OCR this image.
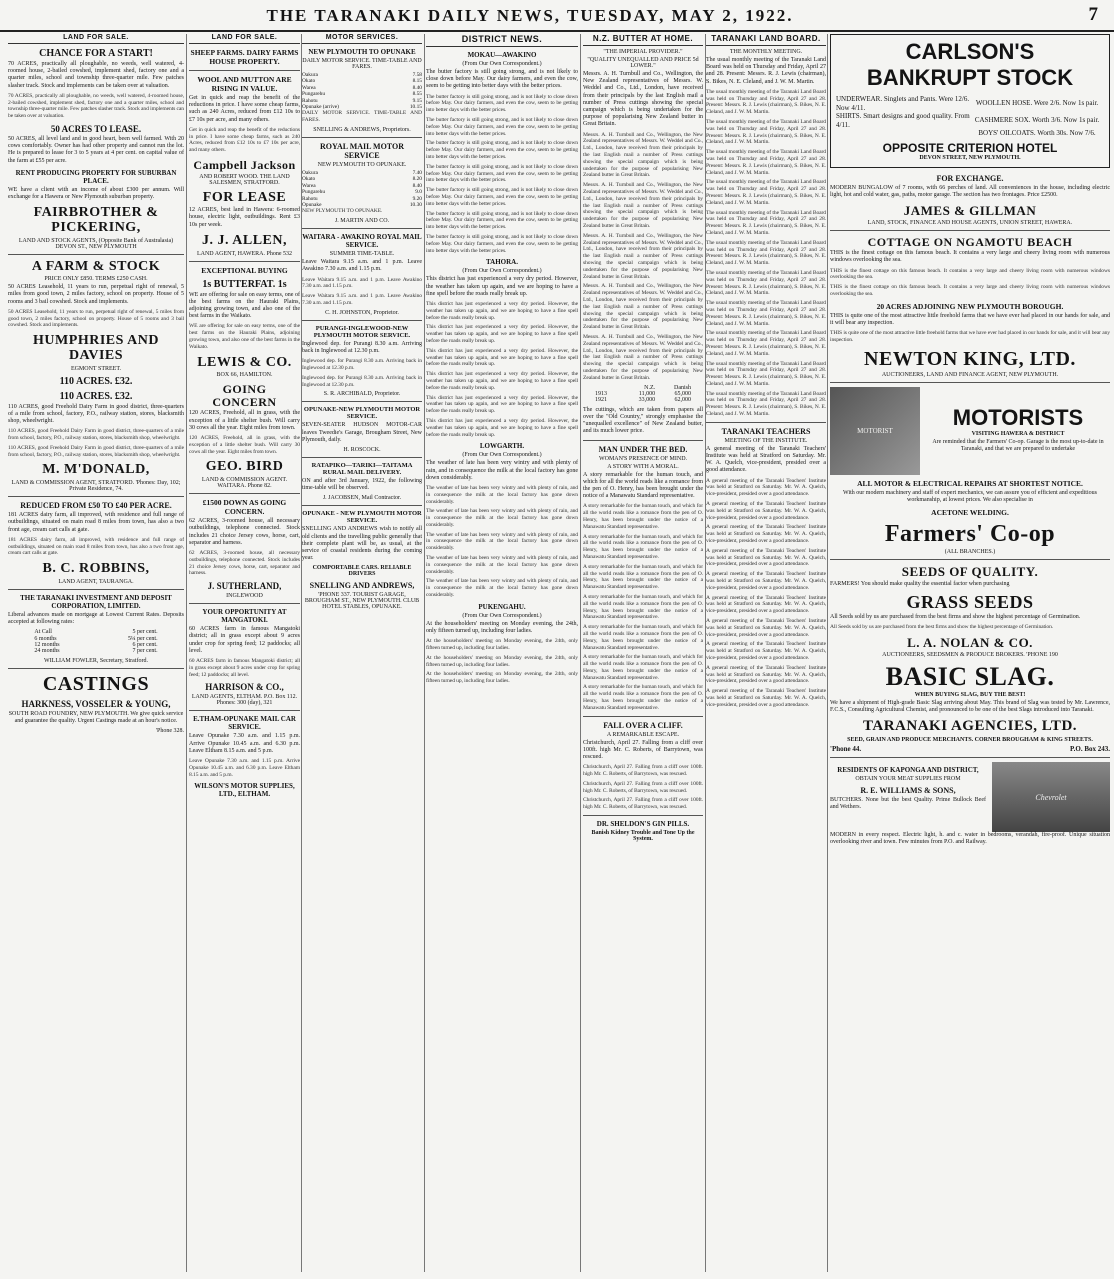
THE TARANAKI DAILY NEWS, TUESDAY, MAY 2, 1922.	7
LAND FOR SALE.
CHANCE FOR A START!

70 ACRES, practically all ploughable, no weeds, well watered, 4-roomed house, 2-bailed cowshed, implement shed, factory one and a quarter miles, school and township three-quarter mile. Few patches slasher track. Stock and implements can be taken over at valuation.

70 ACRES, practically all ploughable, no weeds, well watered, 4-roomed house, 2-bailed cowshed, implement shed, factory one and a quarter miles, school and township three-quarter mile. Few patches slasher track. Stock and implements can be taken over at valuation.

50 ACRES TO LEASE.

50 ACRES, all level land and in good heart, been well farmed. With 20 cows comfortably. Owner has had other property and cannot run the lot. He is prepared to lease for 3 to 5 years at 4 per cent. on capital value of the farm at £55 per acre.

RENT PRODUCING PROPERTY FOR SUBURBAN PLACE.

WE have a client with an income of about £300 per annum. Will exchange for a Hawera or New Plymouth suburban property.

FAIRBROTHER & PICKERING,
LAND AND STOCK AGENTS, (Opposite Bank of Australasia) DEVON ST., NEW PLYMOUTH
A FARM & STOCK
PRICE ONLY £850. TERMS £250 CASH.

50 ACRES Leasehold, 11 years to run, perpetual right of renewal, 5 miles from good town, 2 miles factory, school on property. House of 5 rooms and 3 bail cowshed. Stock and implements.

50 ACRES Leasehold, 11 years to run, perpetual right of renewal, 5 miles from good town, 2 miles factory, school on property. House of 5 rooms and 3 bail cowshed. Stock and implements.

HUMPHRIES AND DAVIES
EGMONT STREET.
110 ACRES. £32.
110 ACRES. £32.

110 ACRES, good Freehold Dairy Farm in good district, three-quarters of a mile from school, factory, P.O., railway station, stores, blacksmith shop, wheelwright.

110 ACRES, good Freehold Dairy Farm in good district, three-quarters of a mile from school, factory, P.O., railway station, stores, blacksmith shop, wheelwright.

110 ACRES, good Freehold Dairy Farm in good district, three-quarters of a mile from school, factory, P.O., railway station, stores, blacksmith shop, wheelwright.

M. M'DONALD,
LAND & COMMISSION AGENT, STRATFORD. 'Phones: Day, 102; Private Residence, 74.
REDUCED FROM £50 TO £40 PER ACRE.

181 ACRES dairy farm, all improved, with residence and full range of outbuildings, situated on main road 8 miles from town, has also a two front age, cream cart calls at gate.

181 ACRES dairy farm, all improved, with residence and full range of outbuildings, situated on main road 8 miles from town, has also a two front age, cream cart calls at gate.

B. C. ROBBINS,
LAND AGENT, TAURANGA.
THE TARANAKI INVESTMENT AND DEPOSIT CORPORATION, LIMITED.

Liberal advances made on mortgage at Lowest Current Rates. Deposits accepted at following rates:

At Call	5 per cent.
6 months	5¼ per cent.
12 months	6 per cent.
24 months	7 per cent.
WILLIAM FOWLER, Secretary, Stratford.
CASTINGS
HARKNESS, VOSSELER & YOUNG,

SOUTH ROAD FOUNDRY, NEW PLYMOUTH. We give quick service and guarantee the quality. Urgent Castings made at an hour's notice.

'Phone 328.
LAND FOR SALE.
SHEEP FARMS. DAIRY FARMS HOUSE PROPERTY.
WOOL AND MUTTON ARE RISING IN VALUE.

Get in quick and reap the benefit of the reductions in price. I have some cheap farms, such as 240 Acres, reduced from £12 10s to £7 10s per acre, and many others.

Get in quick and reap the benefit of the reductions in price. I have some cheap farms, such as 240 Acres, reduced from £12 10s to £7 10s per acre, and many others.

Campbell Jackson
AND ROBERT WOOD. THE LAND SALESMEN, STRATFORD.
FOR LEASE

12 ACRES, best land in Hawera: 6-roomed house, electric light, outbuildings. Rent £3 10s per week.

J. J. ALLEN,
LAND AGENT, HAWERA. Phone 532
EXCEPTIONAL BUYING
1s BUTTERFAT. 1s

WE are offering for sale on easy terms, one of the best farms on the Hauraki Plains, adjoining growing town, and also one of the best farms in the Waikato.

WE are offering for sale on easy terms, one of the best farms on the Hauraki Plains, adjoining growing town, and also one of the best farms in the Waikato.

LEWIS & CO.
BOX 66, HAMILTON.
GOING CONCERN

120 ACRES, Freehold, all in grass, with the exception of a little shelter bush. Will carry 30 cows all the year. Eight miles from town.

120 ACRES, Freehold, all in grass, with the exception of a little shelter bush. Will carry 30 cows all the year. Eight miles from town.

GEO. BIRD
LAND & COMMISSION AGENT. WAITARA. Phone 82.
£1500 DOWN AS GOING CONCERN.

62 ACRES, 3-roomed house, all necessary outbuildings, telephone connected. Stock includes 21 choice Jersey cows, horse, cart, separator and harness.

62 ACRES, 3-roomed house, all necessary outbuildings, telephone connected. Stock includes 21 choice Jersey cows, horse, cart, separator and harness.

J. SUTHERLAND,
INGLEWOOD
YOUR OPPORTUNITY AT MANGATOKI.

60 ACRES farm in famous Mangatoki district; all in grass except about 9 acres under crop for spring feed; 12 paddocks; all level.

60 ACRES farm in famous Mangatoki district; all in grass except about 9 acres under crop for spring feed; 12 paddocks; all level.

HARRISON & CO.,
LAND AGENTS, ELTHAM. P.O. Box 112. Phones: 300 (day), 321
E.THAM-OPUNAKE MAIL CAR SERVICE.

Leave Opunake 7.30 a.m. and 1.15 p.m. Arrive Opunake 10.45 a.m. and 6.30 p.m. Leave Eltham 8.15 a.m. and 5 p.m.

Leave Opunake 7.30 a.m. and 1.15 p.m. Arrive Opunake 10.45 a.m. and 6.30 p.m. Leave Eltham 8.15 a.m. and 5 p.m.

WILSON'S MOTOR SUPPLIES, LTD., ELTHAM.
MOTOR SERVICES.
NEW PLYMOUTH TO OPUNAKE
DAILY MOTOR SERVICE. TIME-TABLE AND FARES.
Oakura	7.58
Okato	8.15
Warea	8.40
Pungarehu	8.55
Rahotu	9.15
Opunake (arrive)	10.15

DAILY MOTOR SERVICE. TIME-TABLE AND FARES.

SNELLING & ANDREWS, Proprietors.
ROYAL MAIL MOTOR SERVICE
NEW PLYMOUTH TO OPUNAKE.
Oakura	7.40
Okato	8.20
Warea	8.40
Pungarehu	9.0
Rahotu	9.20
Opunake	10.30

NEW PLYMOUTH TO OPUNAKE.

J. MARTIN AND CO.
WAITARA - AWAKINO ROYAL MAIL SERVICE.
SUMMER TIME-TABLE.

Leave Waitara 9.15 a.m. and 1 p.m. Leave Awakino 7.30 a.m. and 1.15 p.m.

Leave Waitara 9.15 a.m. and 1 p.m. Leave Awakino 7.30 a.m. and 1.15 p.m.

Leave Waitara 9.15 a.m. and 1 p.m. Leave Awakino 7.30 a.m. and 1.15 p.m.

C. H. JOHNSTON, Proprietor.
PURANGI-INGLEWOOD-NEW PLYMOUTH MOTOR SERVICE.

Inglewood dep. for Purangi 8.30 a.m. Arriving back in Inglewood at 12.30 p.m.

Inglewood dep. for Purangi 8.30 a.m. Arriving back in Inglewood at 12.30 p.m.

Inglewood dep. for Purangi 8.30 a.m. Arriving back in Inglewood at 12.30 p.m.

S. R. ARCHIBALD, Proprietor.
OPUNAKE-NEW PLYMOUTH MOTOR SERVICE.

SEVEN-SEATER HUDSON MOTOR-CAR leaves Tweedie's Garage, Brougham Street, New Plymouth, daily.

H. ROSCOCK.
RATAPIKO—TARIKI—TAITAMA RURAL MAIL DELIVERY.

ON and after 3rd January, 1922, the following time-table will be observed.

J. JACOBSEN, Mail Contractor.
OPUNAKE - NEW PLYMOUTH MOTOR SERVICE.

SNELLING AND ANDREWS wish to notify all old clients and the travelling public generally that their complete plant will be, as usual, at the service of coastal residents during the coming year.

COMPORTABLE CARS. RELIABLE DRIVERS
SNELLING AND ANDREWS,
'PHONE 337. TOURIST GARAGE, BROUGHAM ST., NEW PLYMOUTH. CLUB HOTEL STABLES, OPUNAKE.
DISTRICT NEWS.
MOKAU—AWAKINO
(From Our Own Correspondent.)

The butter factory is still going strong, and is not likely to close down before May. Our dairy farmers, and even the cow, seem to be getting into better days with the better prices.

The butter factory is still going strong, and is not likely to close down before May. Our dairy farmers, and even the cow, seem to be getting into better days with the better prices.

The butter factory is still going strong, and is not likely to close down before May. Our dairy farmers, and even the cow, seem to be getting into better days with the better prices.

The butter factory is still going strong, and is not likely to close down before May. Our dairy farmers, and even the cow, seem to be getting into better days with the better prices.

The butter factory is still going strong, and is not likely to close down before May. Our dairy farmers, and even the cow, seem to be getting into better days with the better prices.

The butter factory is still going strong, and is not likely to close down before May. Our dairy farmers, and even the cow, seem to be getting into better days with the better prices.

The butter factory is still going strong, and is not likely to close down before May. Our dairy farmers, and even the cow, seem to be getting into better days with the better prices.

The butter factory is still going strong, and is not likely to close down before May. Our dairy farmers, and even the cow, seem to be getting into better days with the better prices.

TAHORA.
(From Our Own Correspondent.)

This district has just experienced a very dry period. However, the weather has taken up again, and we are hoping to have a fine spell before the roads really break up.

This district has just experienced a very dry period. However, the weather has taken up again, and we are hoping to have a fine spell before the roads really break up.

This district has just experienced a very dry period. However, the weather has taken up again, and we are hoping to have a fine spell before the roads really break up.

This district has just experienced a very dry period. However, the weather has taken up again, and we are hoping to have a fine spell before the roads really break up.

This district has just experienced a very dry period. However, the weather has taken up again, and we are hoping to have a fine spell before the roads really break up.

This district has just experienced a very dry period. However, the weather has taken up again, and we are hoping to have a fine spell before the roads really break up.

This district has just experienced a very dry period. However, the weather has taken up again, and we are hoping to have a fine spell before the roads really break up.

LOWGARTH.
(From Our Own Correspondent.)

The weather of late has been very wintry and with plenty of rain, and in consequence the milk at the local factory has gone down considerably.

The weather of late has been very wintry and with plenty of rain, and in consequence the milk at the local factory has gone down considerably.

The weather of late has been very wintry and with plenty of rain, and in consequence the milk at the local factory has gone down considerably.

The weather of late has been very wintry and with plenty of rain, and in consequence the milk at the local factory has gone down considerably.

The weather of late has been very wintry and with plenty of rain, and in consequence the milk at the local factory has gone down considerably.

The weather of late has been very wintry and with plenty of rain, and in consequence the milk at the local factory has gone down considerably.

PUKENGAHU.
(From Our Own Correspondent.)

At the householders' meeting on Monday evening, the 24th, only fifteen turned up, including four ladies.

At the householders' meeting on Monday evening, the 24th, only fifteen turned up, including four ladies.

At the householders' meeting on Monday evening, the 24th, only fifteen turned up, including four ladies.

At the householders' meeting on Monday evening, the 24th, only fifteen turned up, including four ladies.

N.Z. BUTTER AT HOME.
"THE IMPERIAL PROVIDER."
"QUALITY UNEQUALLED AND PRICE 5d LOWER."

Messrs. A. H. Turnbull and Co., Wellington, the New Zealand representatives of Messrs. W. Weddel and Co., Ltd., London, have received from their principals by the last English mail a number of Press cuttings showing the special campaign which is being undertaken for the purpose of popularising New Zealand butter in Great Britain.

Messrs. A. H. Turnbull and Co., Wellington, the New Zealand representatives of Messrs. W. Weddel and Co., Ltd., London, have received from their principals by the last English mail a number of Press cuttings showing the special campaign which is being undertaken for the purpose of popularising New Zealand butter in Great Britain.

Messrs. A. H. Turnbull and Co., Wellington, the New Zealand representatives of Messrs. W. Weddel and Co., Ltd., London, have received from their principals by the last English mail a number of Press cuttings showing the special campaign which is being undertaken for the purpose of popularising New Zealand butter in Great Britain.

Messrs. A. H. Turnbull and Co., Wellington, the New Zealand representatives of Messrs. W. Weddel and Co., Ltd., London, have received from their principals by the last English mail a number of Press cuttings showing the special campaign which is being undertaken for the purpose of popularising New Zealand butter in Great Britain.

Messrs. A. H. Turnbull and Co., Wellington, the New Zealand representatives of Messrs. W. Weddel and Co., Ltd., London, have received from their principals by the last English mail a number of Press cuttings showing the special campaign which is being undertaken for the purpose of popularising New Zealand butter in Great Britain.

Messrs. A. H. Turnbull and Co., Wellington, the New Zealand representatives of Messrs. W. Weddel and Co., Ltd., London, have received from their principals by the last English mail a number of Press cuttings showing the special campaign which is being undertaken for the purpose of popularising New Zealand butter in Great Britain.

	N.Z.	Danish
1913	11,000	65,000
1921	33,000	62,000

The cuttings, which are taken from papers all over the "Old Country," strongly emphasise the "unequalled excellence" of New Zealand butter, and its much lower price.

MAN UNDER THE BED.
WOMAN'S PRESENCE OF MIND.
A STORY WITH A MORAL.

A story remarkable for the human touch, and which for all the world reads like a romance from the pen of O. Henry, has been brought under the notice of a Manawatu Standard representative.

A story remarkable for the human touch, and which for all the world reads like a romance from the pen of O. Henry, has been brought under the notice of a Manawatu Standard representative.

A story remarkable for the human touch, and which for all the world reads like a romance from the pen of O. Henry, has been brought under the notice of a Manawatu Standard representative.

A story remarkable for the human touch, and which for all the world reads like a romance from the pen of O. Henry, has been brought under the notice of a Manawatu Standard representative.

A story remarkable for the human touch, and which for all the world reads like a romance from the pen of O. Henry, has been brought under the notice of a Manawatu Standard representative.

A story remarkable for the human touch, and which for all the world reads like a romance from the pen of O. Henry, has been brought under the notice of a Manawatu Standard representative.

A story remarkable for the human touch, and which for all the world reads like a romance from the pen of O. Henry, has been brought under the notice of a Manawatu Standard representative.

A story remarkable for the human touch, and which for all the world reads like a romance from the pen of O. Henry, has been brought under the notice of a Manawatu Standard representative.

FALL OVER A CLIFF.
A REMARKABLE ESCAPE.

Christchurch, April 27. Falling from a cliff over 100ft. high Mr. C. Roberts, of Barrytown, was rescued.

Christchurch, April 27. Falling from a cliff over 100ft. high Mr. C. Roberts, of Barrytown, was rescued.

Christchurch, April 27. Falling from a cliff over 100ft. high Mr. C. Roberts, of Barrytown, was rescued.

Christchurch, April 27. Falling from a cliff over 100ft. high Mr. C. Roberts, of Barrytown, was rescued.

DR. SHELDON'S GIN PILLS.
Banish Kidney Trouble and Tone Up the System.
TARANAKI LAND BOARD.
THE MONTHLY MEETING.

The usual monthly meeting of the Taranaki Land Board was held on Thursday and Friday, April 27 and 28. Present: Messrs. R. J. Lewis (chairman), S. Bikes, N. E. Cleland, and J. W. M. Martin.

The usual monthly meeting of the Taranaki Land Board was held on Thursday and Friday, April 27 and 28. Present: Messrs. R. J. Lewis (chairman), S. Bikes, N. E. Cleland, and J. W. M. Martin.

The usual monthly meeting of the Taranaki Land Board was held on Thursday and Friday, April 27 and 28. Present: Messrs. R. J. Lewis (chairman), S. Bikes, N. E. Cleland, and J. W. M. Martin.

The usual monthly meeting of the Taranaki Land Board was held on Thursday and Friday, April 27 and 28. Present: Messrs. R. J. Lewis (chairman), S. Bikes, N. E. Cleland, and J. W. M. Martin.

The usual monthly meeting of the Taranaki Land Board was held on Thursday and Friday, April 27 and 28. Present: Messrs. R. J. Lewis (chairman), S. Bikes, N. E. Cleland, and J. W. M. Martin.

The usual monthly meeting of the Taranaki Land Board was held on Thursday and Friday, April 27 and 28. Present: Messrs. R. J. Lewis (chairman), S. Bikes, N. E. Cleland, and J. W. M. Martin.

The usual monthly meeting of the Taranaki Land Board was held on Thursday and Friday, April 27 and 28. Present: Messrs. R. J. Lewis (chairman), S. Bikes, N. E. Cleland, and J. W. M. Martin.

The usual monthly meeting of the Taranaki Land Board was held on Thursday and Friday, April 27 and 28. Present: Messrs. R. J. Lewis (chairman), S. Bikes, N. E. Cleland, and J. W. M. Martin.

The usual monthly meeting of the Taranaki Land Board was held on Thursday and Friday, April 27 and 28. Present: Messrs. R. J. Lewis (chairman), S. Bikes, N. E. Cleland, and J. W. M. Martin.

The usual monthly meeting of the Taranaki Land Board was held on Thursday and Friday, April 27 and 28. Present: Messrs. R. J. Lewis (chairman), S. Bikes, N. E. Cleland, and J. W. M. Martin.

The usual monthly meeting of the Taranaki Land Board was held on Thursday and Friday, April 27 and 28. Present: Messrs. R. J. Lewis (chairman), S. Bikes, N. E. Cleland, and J. W. M. Martin.

The usual monthly meeting of the Taranaki Land Board was held on Thursday and Friday, April 27 and 28. Present: Messrs. R. J. Lewis (chairman), S. Bikes, N. E. Cleland, and J. W. M. Martin.

TARANAKI TEACHERS
MEETING OF THE INSTITUTE.

A general meeting of the Taranaki Teachers' Institute was held at Stratford on Saturday. Mr. W. A. Quelch, vice-president, presided over a good attendance.

A general meeting of the Taranaki Teachers' Institute was held at Stratford on Saturday. Mr. W. A. Quelch, vice-president, presided over a good attendance.

A general meeting of the Taranaki Teachers' Institute was held at Stratford on Saturday. Mr. W. A. Quelch, vice-president, presided over a good attendance.

A general meeting of the Taranaki Teachers' Institute was held at Stratford on Saturday. Mr. W. A. Quelch, vice-president, presided over a good attendance.

A general meeting of the Taranaki Teachers' Institute was held at Stratford on Saturday. Mr. W. A. Quelch, vice-president, presided over a good attendance.

A general meeting of the Taranaki Teachers' Institute was held at Stratford on Saturday. Mr. W. A. Quelch, vice-president, presided over a good attendance.

A general meeting of the Taranaki Teachers' Institute was held at Stratford on Saturday. Mr. W. A. Quelch, vice-president, presided over a good attendance.

A general meeting of the Taranaki Teachers' Institute was held at Stratford on Saturday. Mr. W. A. Quelch, vice-president, presided over a good attendance.

A general meeting of the Taranaki Teachers' Institute was held at Stratford on Saturday. Mr. W. A. Quelch, vice-president, presided over a good attendance.

A general meeting of the Taranaki Teachers' Institute was held at Stratford on Saturday. Mr. W. A. Quelch, vice-president, presided over a good attendance.

A general meeting of the Taranaki Teachers' Institute was held at Stratford on Saturday. Mr. W. A. Quelch, vice-president, presided over a good attendance.

CARLSON'S
BANKRUPT STOCK
UNDERWEAR. Singlets and Pants. Were 12/6. Now 4/11.	WOOLLEN HOSE. Were 2/6. Now 1s pair.
SHIRTS. Smart designs and good quality. From 4/11.	CASHMERE SOX. Worth 3/6. Now 1s pair.
	BOYS' OILCOATS. Worth 30s. Now 7/6.
OPPOSITE CRITERION HOTEL
DEVON STREET, NEW PLYMOUTH.
FOR EXCHANGE.

MODERN BUNGALOW of 7 rooms, with 66 perches of land. All conveniences in the house, including electric light, hot and cold water, gas, paths, motor garage. The section has two frontages. Price £2500.

JAMES & GILLMAN
LAND, STOCK, FINANCE AND HOUSE AGENTS, UNION STREET, HAWERA.
COTTAGE ON NGAMOTU BEACH

THIS is the finest cottage on this famous beach. It contains a very large and cheery living room with numerous windows overlooking the sea.

THIS is the finest cottage on this famous beach. It contains a very large and cheery living room with numerous windows overlooking the sea.

THIS is the finest cottage on this famous beach. It contains a very large and cheery living room with numerous windows overlooking the sea.

20 ACRES ADJOINING NEW PLYMOUTH BOROUGH.

THIS is quite one of the most attractive little freehold farms that we have ever had placed in our hands for sale, and it will bear any inspection.

THIS is quite one of the most attractive little freehold farms that we have ever had placed in our hands for sale, and it will bear any inspection.

NEWTON KING, LTD.
AUCTIONEERS, LAND AND FINANCE AGENT, NEW PLYMOUTH.
MOTORIST
MOTORISTS
VISITING HAWERA & DISTRICT

Are reminded that the Farmers' Co-op. Garage is the most up-to-date in Taranaki, and that we are prepared to undertake

ALL MOTOR & ELECTRICAL REPAIRS AT SHORTEST NOTICE.

With our modern machinery and staff of expert mechanics, we can assure you of efficient and expeditious workmanship, at lowest prices. We also specialise in

ACETONE WELDING.
Farmers' Co-op
(ALL BRANCHES.)
SEEDS OF QUALITY.

FARMERS! You should make quality the essential factor when purchasing

GRASS SEEDS

All Seeds sold by us are purchased from the best firms and show the highest percentage of Germination.

All Seeds sold by us are purchased from the best firms and show the highest percentage of Germination.

L. A. NOLAN & CO.
AUCTIONEERS, SEEDSMEN & PRODUCE BROKERS. 'PHONE 190
BASIC SLAG.
WHEN BUYING SLAG, BUY THE BEST!

We have a shipment of High-grade Basic Slag arriving about May. This brand of Slag was tested by Mr. Lawrence, F.C.S., Consulting Agricultural Chemist, and pronounced to be one of the best Slags introduced into Taranaki.

TARANAKI AGENCIES, LTD.
SEED, GRAIN AND PRODUCE MERCHANTS. CORNER BROUGHAM & KING STREETS.
'Phone 44.	P.O. Box 243.
Chevrolet
RESIDENTS OF KAPONGA AND DISTRICT,
OBTAIN YOUR MEAT SUPPLIES FROM
R. E. WILLIAMS & SONS,

BUTCHERS. None but the best Quality. Prime Bullock Beef and Wethers.

MODERN in every respect. Electric light, h. and c. water in bedrooms, verandah, fire-proof. Unique situation overlooking river and town. Few minutes from P.O. and Railway.
